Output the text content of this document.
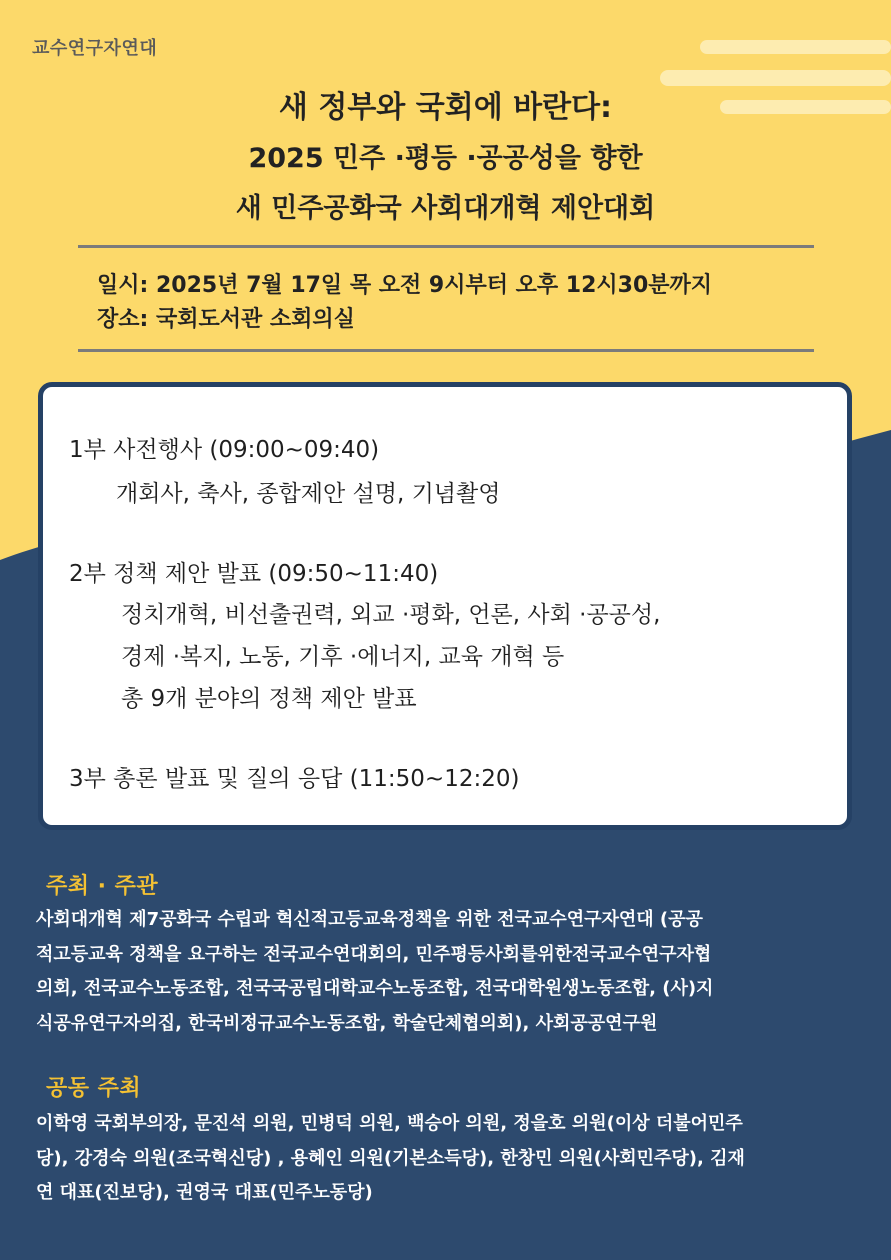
교수연구자연대
새 정부와 국회에 바란다:
2025 민주 ·평등 ·공공성을 향한
새 민주공화국 사회대개혁 제안대회
일시: 2025년 7월 17일 목 오전 9시부터 오후 12시30분까지
장소: 국회도서관 소회의실
1부 사전행사 (09:00~09:40)
개회사, 축사, 종합제안 설명, 기념촬영
2부 정책 제안 발표 (09:50~11:40)
정치개혁, 비선출권력, 외교 ·평화, 언론, 사회 ·공공성,
경제 ·복지, 노동, 기후 ·에너지, 교육 개혁 등
총 9개 분야의 정책 제안 발표
3부 총론 발표 및 질의 응답 (11:50~12:20)
주최 · 주관
사회대개혁 제7공화국 수립과 혁신적고등교육정책을 위한 전국교수연구자연대 (공공
적고등교육 정책을 요구하는 전국교수연대회의, 민주평등사회를위한전국교수연구자협
의회, 전국교수노동조합, 전국국공립대학교수노동조합, 전국대학원생노동조합, (사)지
식공유연구자의집, 한국비정규교수노동조합, 학술단체협의회), 사회공공연구원
공동 주최
이학영 국회부의장, 문진석 의원, 민병덕 의원, 백승아 의원, 정을호 의원(이상 더불어민주
당), 강경숙 의원(조국혁신당) , 용혜인 의원(기본소득당), 한창민 의원(사회민주당), 김재
연 대표(진보당), 권영국 대표(민주노동당)
